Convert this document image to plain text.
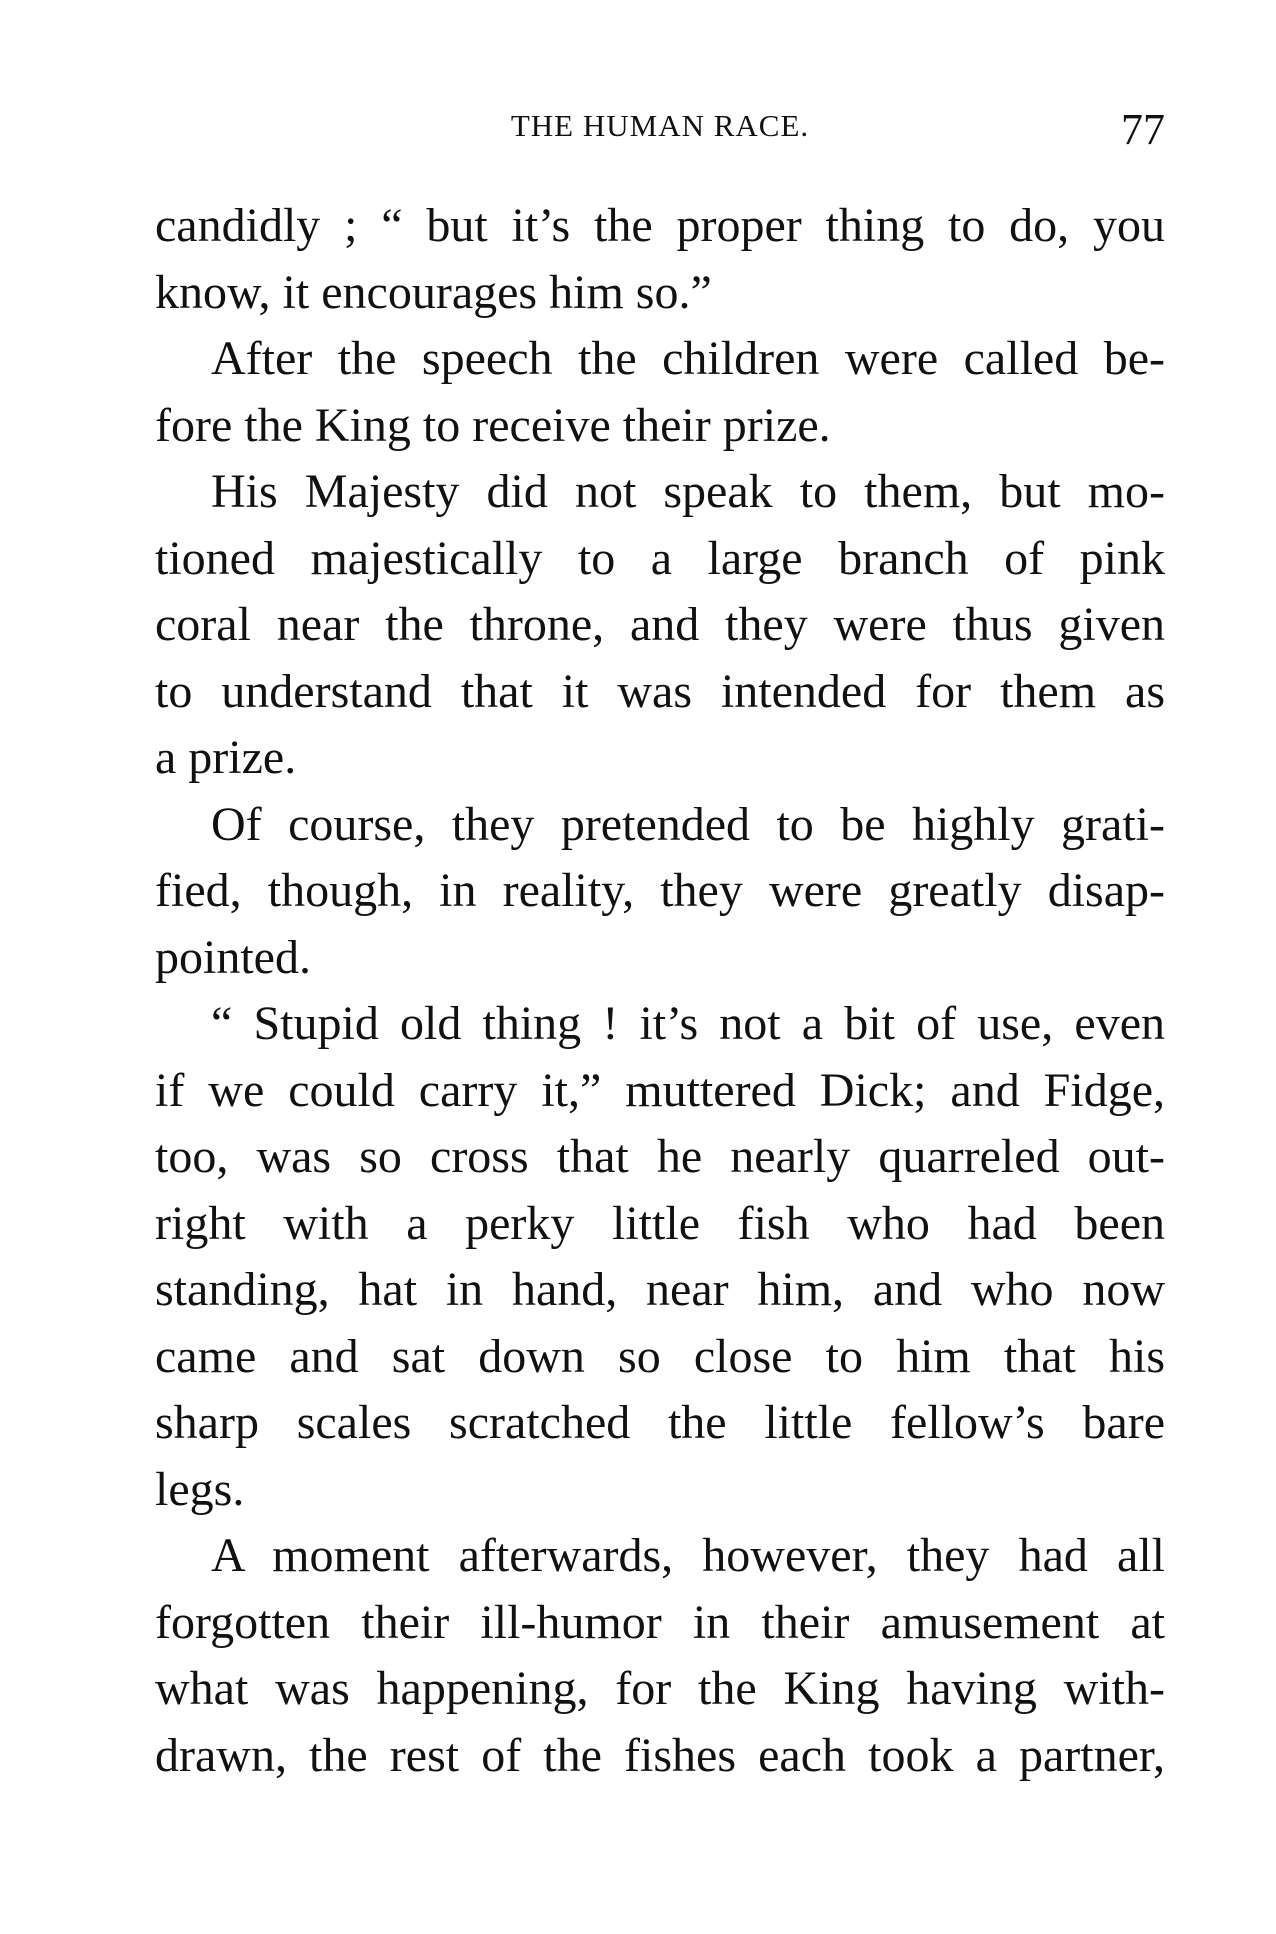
THE HUMAN RACE.	77
candidly ; “ but it’s the proper thing to do, you
know, it encourages him so.”
After the speech the children were called be-
fore the King to receive their prize.
His Majesty did not speak to them, but mo-
tioned majestically to a large branch of pink
coral near the throne, and they were thus given
to understand that it was intended for them as
a prize.
Of course, they pretended to be highly grati-
fied, though, in reality, they were greatly disap-
pointed.
“ Stupid old thing ! it’s not a bit of use, even
if we could carry it,” muttered Dick; and Fidge,
too, was so cross that he nearly quarreled out-
right with a perky little fish who had been
standing, hat in hand, near him, and who now
came and sat down so close to him that his
sharp scales scratched the little fellow’s bare
legs.
A moment afterwards, however, they had all
forgotten their ill-humor in their amusement at
what was happening, for the King having with-
drawn, the rest of the fishes each took a partner,
